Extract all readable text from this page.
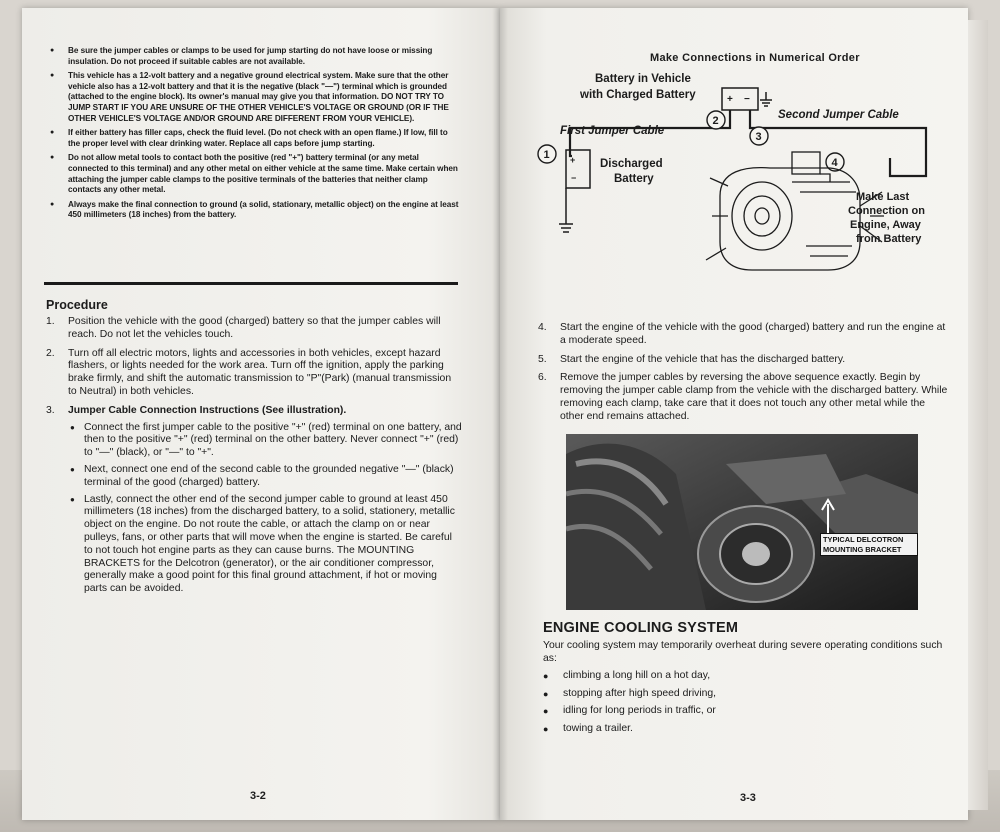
● Be sure the jumper cables or clamps to be used for jump starting do not have loose or missing insulation. Do not proceed if suitable cables are not available.
● This vehicle has a 12-volt battery and a negative ground electrical system. Make sure that the other vehicle also has a 12-volt battery and that it is the negative (black "—") terminal which is grounded (attached to the engine block). Its owner's manual may give you that information. DO NOT TRY TO JUMP START IF YOU ARE UNSURE OF THE OTHER VEHICLE'S VOLTAGE OR GROUND (OR IF THE OTHER VEHICLE'S VOLTAGE AND/OR GROUND ARE DIFFERENT FROM YOUR VEHICLE).
● If either battery has filler caps, check the fluid level. (Do not check with an open flame.) If low, fill to the proper level with clear drinking water. Replace all caps before jump starting.
● Do not allow metal tools to contact both the positive (red "+") battery terminal (or any metal connected to this terminal) and any other metal on either vehicle at the same time. Make certain when attaching the jumper cable clamps to the positive terminals of the batteries that neither clamp contacts any other metal.
● Always make the final connection to ground (a solid, stationary, metallic object) on the engine at least 450 millimeters (18 inches) from the battery.
Procedure
1. Position the vehicle with the good (charged) battery so that the jumper cables will reach. Do not let the vehicles touch.
2. Turn off all electric motors, lights and accessories in both vehicles, except hazard flashers, or lights needed for the work area. Turn off the ignition, apply the parking brake firmly, and shift the automatic transmission to "P"(Park) (manual transmission to Neutral) in both vehicles.
3. Jumper Cable Connection Instructions (See illustration).
● Connect the first jumper cable to the positive "+" (red) terminal on one battery, and then to the positive "+" (red) terminal on the other battery. Never connect "+" (red) to "—" (black), or "—" to "+".
● Next, connect one end of the second cable to the grounded negative "—" (black) terminal of the good (charged) battery.
● Lastly, connect the other end of the second jumper cable to ground at least 450 millimeters (18 inches) from the discharged battery, to a solid, stationery, metallic object on the engine. Do not route the cable, or attach the clamp on or near pulleys, fans, or other parts that will move when the engine is started. Be careful to not touch hot engine parts as they can cause burns. The MOUNTING BRACKETS for the Delcotron (generator), or the air conditioner compressor, generally make a good point for this final ground attachment, if hot or moving parts can be avoided.
3-2
Make Connections in Numerical Order
Battery in Vehicle
with Charged Battery	+ −
First Jumper Cable
Second Jumper Cable
1
2
3
4
+
−
Discharged
Battery
Make Last
Connection on
Engine, Away
from Battery
4. Start the engine of the vehicle with the good (charged) battery and run the engine at a moderate speed.
5. Start the engine of the vehicle that has the discharged battery.
6. Remove the jumper cables by reversing the above sequence exactly. Begin by removing the jumper cable clamp from the vehicle with the discharged battery. While removing each clamp, take care that it does not touch any other metal while the other end remains attached.
TYPICAL DELCOTRON
MOUNTING BRACKET
ENGINE COOLING SYSTEM
Your cooling system may temporarily overheat during severe operating conditions such as:
● climbing a long hill on a hot day,
● stopping after high speed driving,
● idling for long periods in traffic, or
● towing a trailer.
3-3
